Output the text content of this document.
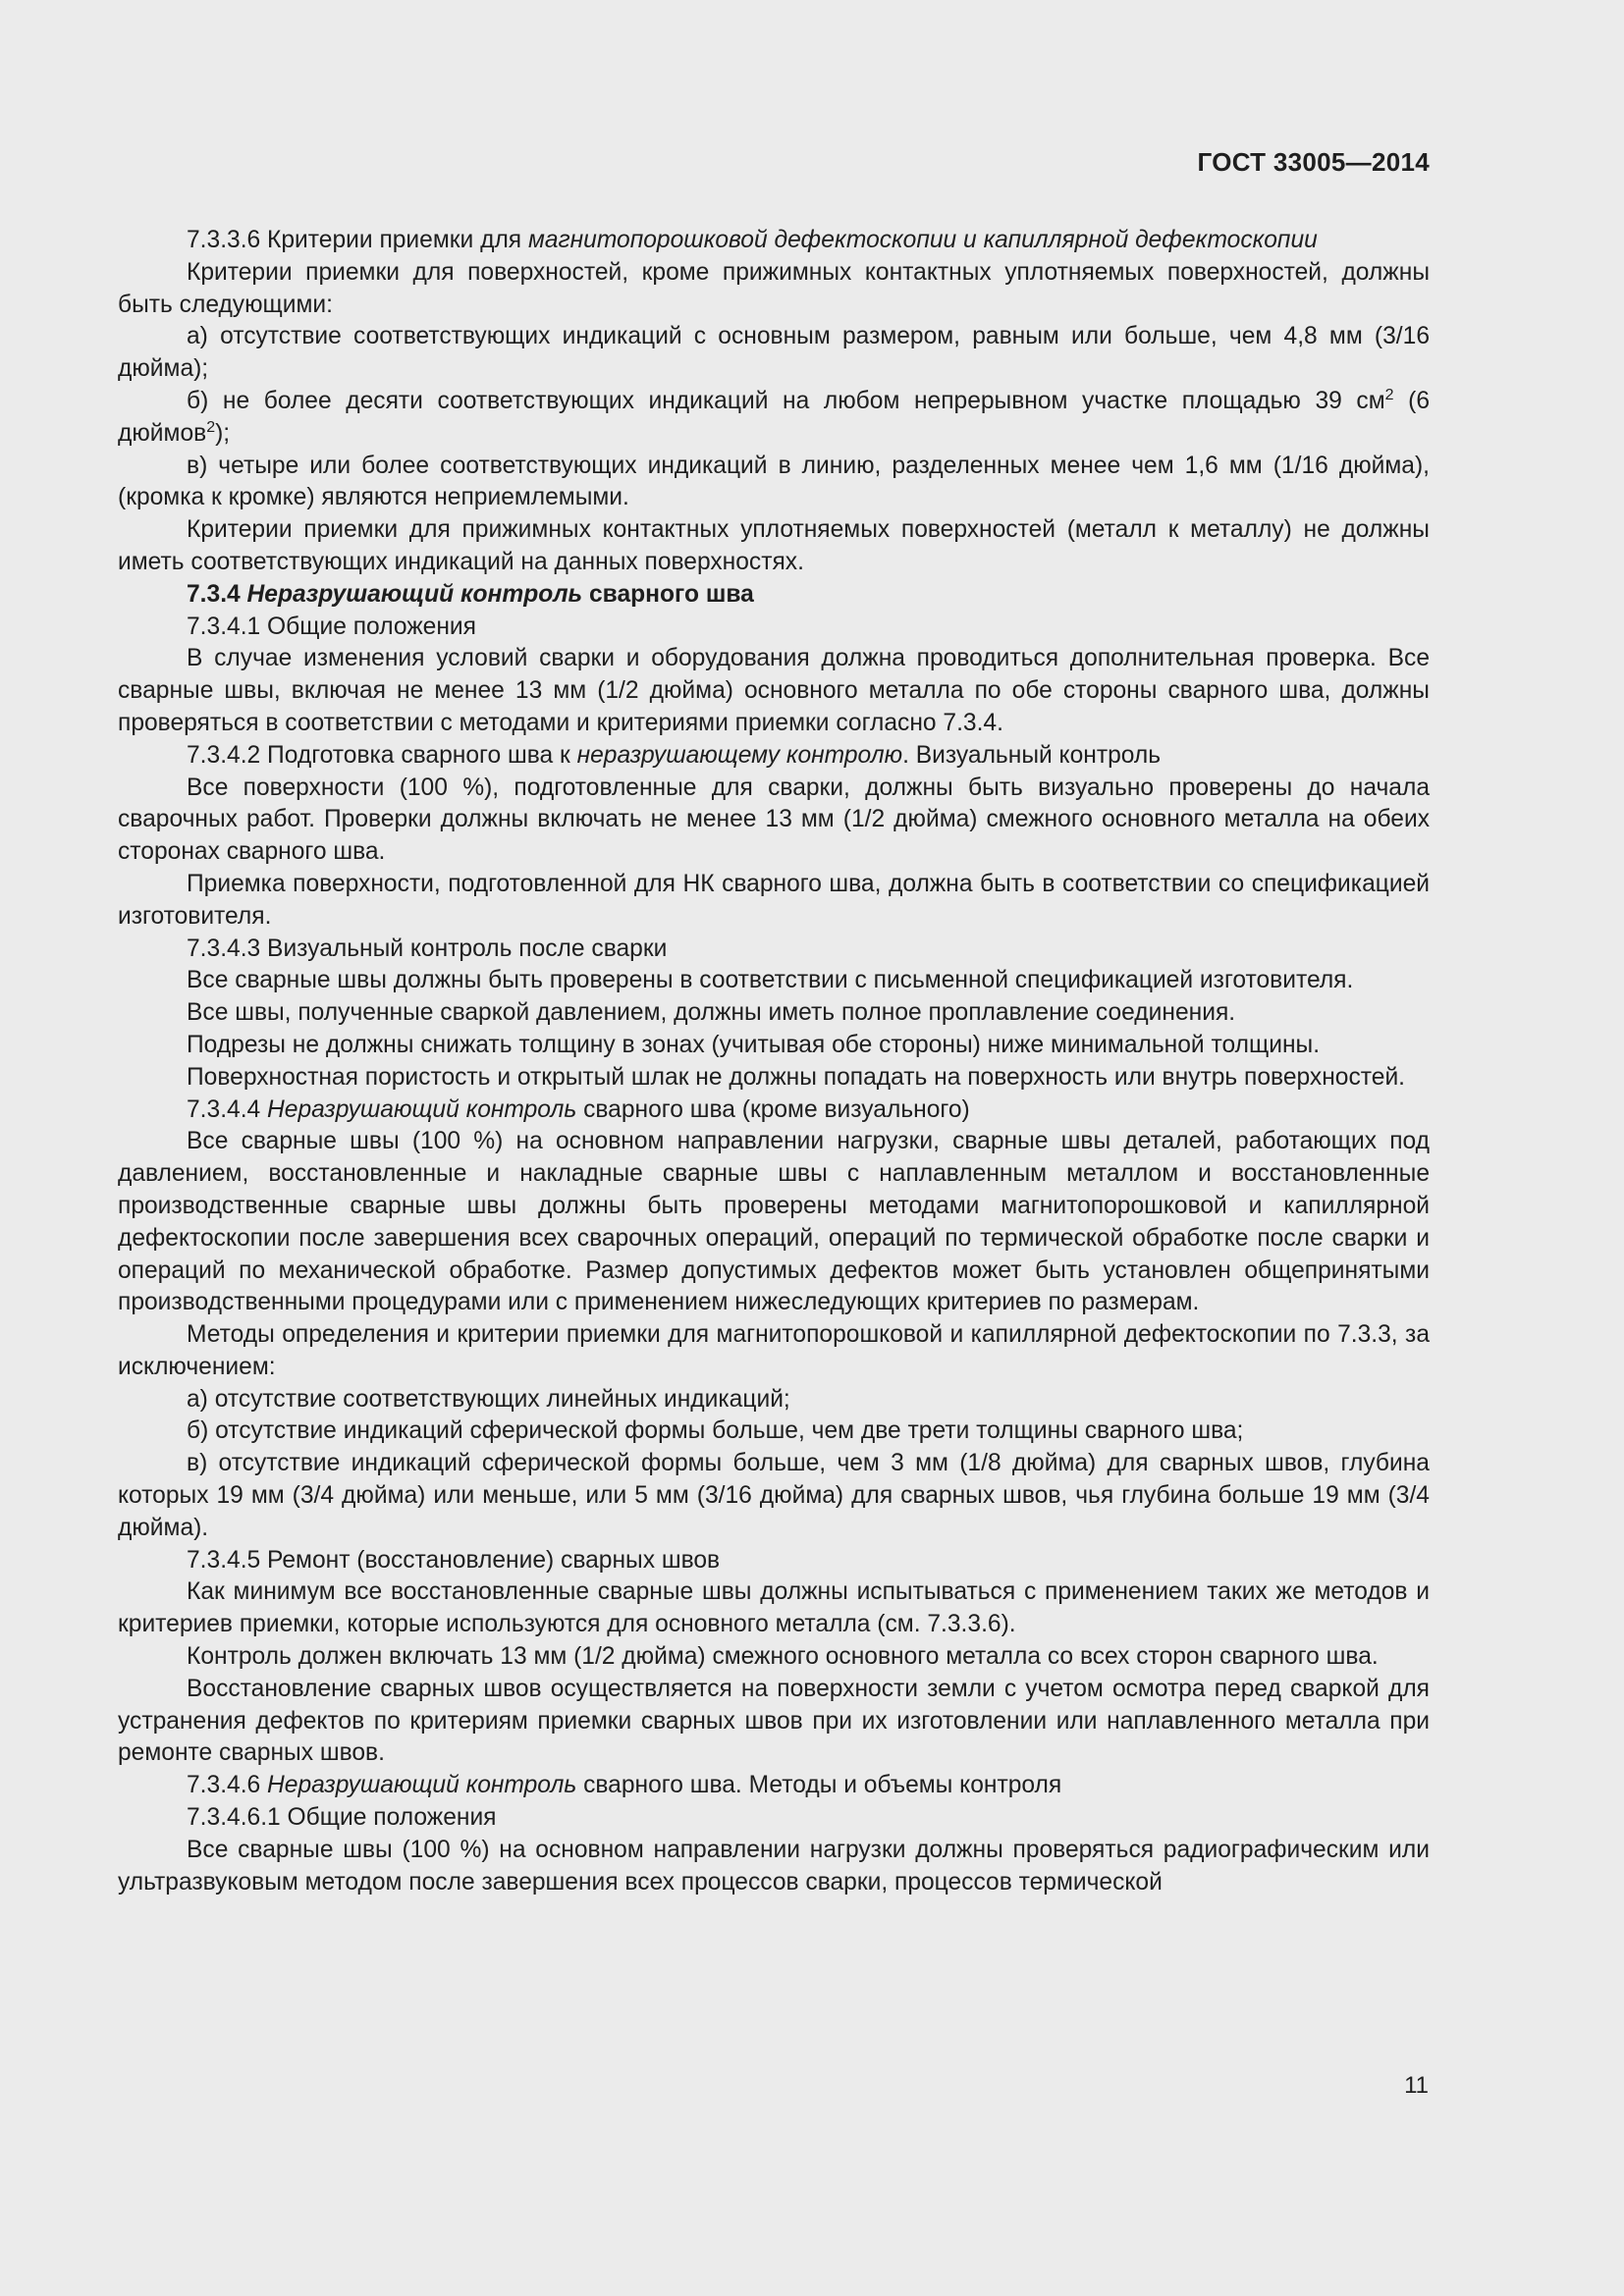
ГОСТ 33005—2014

7.3.3.6 Критерии приемки для магнитопорошковой дефектоскопии и капиллярной дефектоскопии

Критерии приемки для поверхностей, кроме прижимных контактных уплотняемых поверхностей, должны быть следующими:

а) отсутствие соответствующих индикаций с основным размером, равным или больше, чем 4,8 мм (3/16 дюйма);

б) не более десяти соответствующих индикаций на любом непрерывном участке площадью 39 $см^2$ (6 дюймов$^2$);

в) четыре или более соответствующих индикаций в линию, разделенных менее чем 1,6 мм (1/16 дюйма), (кромка к кромке) являются неприемлемыми.

Критерии приемки для прижимных контактных уплотняемых поверхностей (металл к металлу) не должны иметь соответствующих индикаций на данных поверхностях.

7.3.4 Неразрушающий контроль сварного шва

7.3.4.1 Общие положения

В случае изменения условий сварки и оборудования должна проводиться дополнительная проверка. Все сварные швы, включая не менее 13 мм (1/2 дюйма) основного металла по обе стороны сварного шва, должны проверяться в соответствии с методами и критериями приемки согласно 7.3.4.

7.3.4.2 Подготовка сварного шва к неразрушающему контролю. Визуальный контроль

Все поверхности (100 %), подготовленные для сварки, должны быть визуально проверены до начала сварочных работ. Проверки должны включать не менее 13 мм (1/2 дюйма) смежного основного металла на обеих сторонах сварного шва.

Приемка поверхности, подготовленной для НК сварного шва, должна быть в соответствии со спецификацией изготовителя.

7.3.4.3 Визуальный контроль после сварки

Все сварные швы должны быть проверены в соответствии с письменной спецификацией изготовителя.

Все швы, полученные сваркой давлением, должны иметь полное проплавление соединения.

Подрезы не должны снижать толщину в зонах (учитывая обе стороны) ниже минимальной толщины.

Поверхностная пористость и открытый шлак не должны попадать на поверхность или внутрь поверхностей.

7.3.4.4 Неразрушающий контроль сварного шва (кроме визуального)

Все сварные швы (100 %) на основном направлении нагрузки, сварные швы деталей, работающих под давлением, восстановленные и накладные сварные швы с наплавленным металлом и восстановленные производственные сварные швы должны быть проверены методами магнитопорошковой и капиллярной дефектоскопии после завершения всех сварочных операций, операций по термической обработке после сварки и операций по механической обработке. Размер допустимых дефектов может быть установлен общепринятыми производственными процедурами или с применением нижеследующих критериев по размерам.

Методы определения и критерии приемки для магнитопорошковой и капиллярной дефектоскопии по 7.3.3, за исключением:

а) отсутствие соответствующих линейных индикаций;

б) отсутствие индикаций сферической формы больше, чем две трети толщины сварного шва;

в) отсутствие индикаций сферической формы больше, чем 3 мм (1/8 дюйма) для сварных швов, глубина которых 19 мм (3/4 дюйма) или меньше, или 5 мм (3/16 дюйма) для сварных швов, чья глубина больше 19 мм (3/4 дюйма).

7.3.4.5 Ремонт (восстановление) сварных швов

Как минимум все восстановленные сварные швы должны испытываться с применением таких же методов и критериев приемки, которые используются для основного металла (см. 7.3.3.6).

Контроль должен включать 13 мм (1/2 дюйма) смежного основного металла со всех сторон сварного шва.

Восстановление сварных швов осуществляется на поверхности земли с учетом осмотра перед сваркой для устранения дефектов по критериям приемки сварных швов при их изготовлении или наплавленного металла при ремонте сварных швов.

7.3.4.6 Неразрушающий контроль сварного шва. Методы и объемы контроля

7.3.4.6.1 Общие положения

Все сварные швы (100 %) на основном направлении нагрузки должны проверяться радиографическим или ультразвуковым методом после завершения всех процессов сварки, процессов термической

11
